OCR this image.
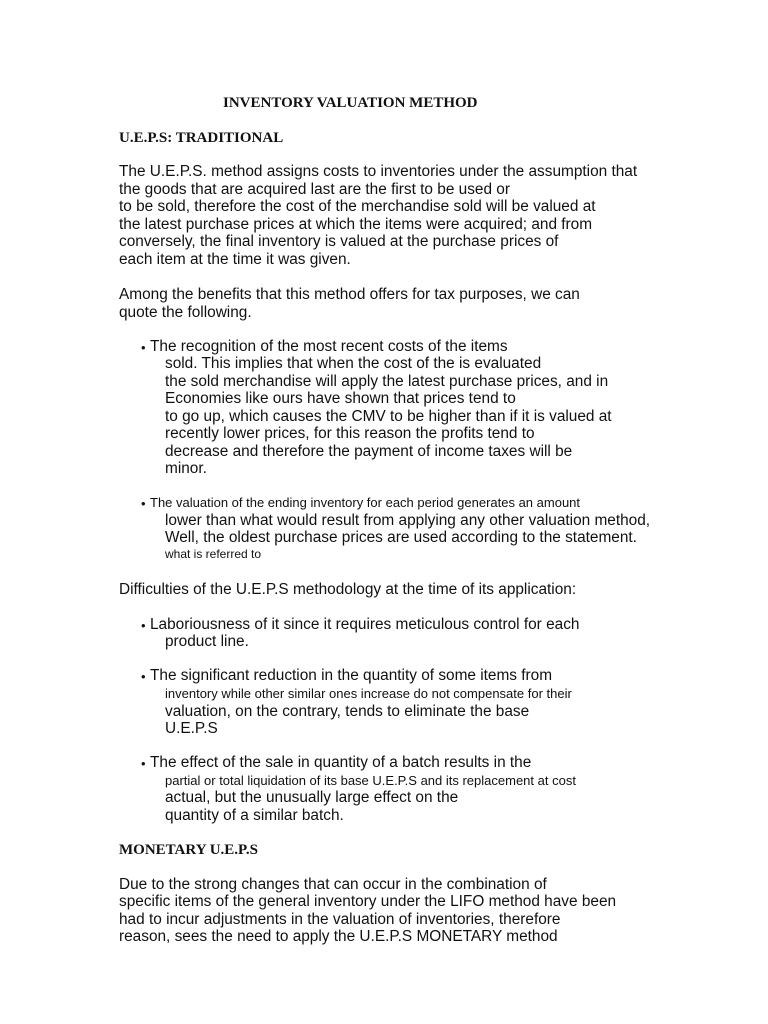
INVENTORY VALUATION METHOD
U.E.P.S: TRADITIONAL
The U.E.P.S. method assigns costs to inventories under the assumption that
the goods that are acquired last are the first to be used or
to be sold, therefore the cost of the merchandise sold will be valued at
the latest purchase prices at which the items were acquired; and from
conversely, the final inventory is valued at the purchase prices of
each item at the time it was given.
Among the benefits that this method offers for tax purposes, we can
quote the following.
• The recognition of the most recent costs of the items
sold. This implies that when the cost of the is evaluated
the sold merchandise will apply the latest purchase prices, and in
Economies like ours have shown that prices tend to
to go up, which causes the CMV to be higher than if it is valued at
recently lower prices, for this reason the profits tend to
decrease and therefore the payment of income taxes will be
minor.
• The valuation of the ending inventory for each period generates an amount
lower than what would result from applying any other valuation method,
Well, the oldest purchase prices are used according to the statement.
what is referred to
Difficulties of the U.E.P.S methodology at the time of its application:
• Laboriousness of it since it requires meticulous control for each
product line.
• The significant reduction in the quantity of some items from
inventory while other similar ones increase do not compensate for their
valuation, on the contrary, tends to eliminate the base
U.E.P.S
• The effect of the sale in quantity of a batch results in the
partial or total liquidation of its base U.E.P.S and its replacement at cost
actual, but the unusually large effect on the
quantity of a similar batch.
MONETARY U.E.P.S
Due to the strong changes that can occur in the combination of
specific items of the general inventory under the LIFO method have been
had to incur adjustments in the valuation of inventories, therefore
reason, sees the need to apply the U.E.P.S MONETARY method
